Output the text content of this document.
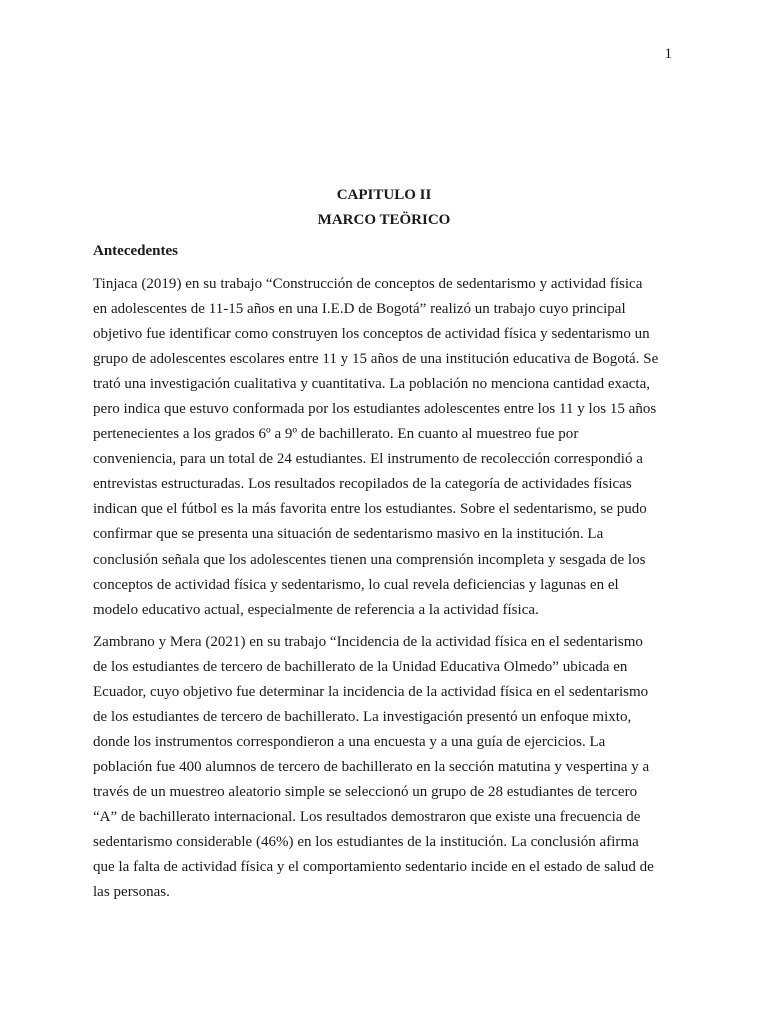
1
CAPITULO II
MARCO TEÖRICO
Antecedentes

Tinjaca (2019) en su trabajo “Construcción de conceptos de sedentarismo y actividad física
en adolescentes de 11-15 años en una I.E.D de Bogotá” realizó un trabajo cuyo principal
objetivo fue identificar como construyen los conceptos de actividad física y sedentarismo un
grupo de adolescentes escolares entre 11 y 15 años de una institución educativa de Bogotá. Se
trató una investigación cualitativa y cuantitativa. La población no menciona cantidad exacta,
pero indica que estuvo conformada por los estudiantes adolescentes entre los 11 y los 15 años
pertenecientes a los grados 6º a 9º de bachillerato. En cuanto al muestreo fue por
conveniencia, para un total de 24 estudiantes. El instrumento de recolección correspondió a
entrevistas estructuradas. Los resultados recopilados de la categoría de actividades físicas
indican que el fútbol es la más favorita entre los estudiantes. Sobre el sedentarismo, se pudo
confirmar que se presenta una situación de sedentarismo masivo en la institución. La
conclusión señala que los adolescentes tienen una comprensión incompleta y sesgada de los
conceptos de actividad física y sedentarismo, lo cual revela deficiencias y lagunas en el
modelo educativo actual, especialmente de referencia a la actividad física.

Zambrano y Mera (2021) en su trabajo “Incidencia de la actividad física en el sedentarismo
de los estudiantes de tercero de bachillerato de la Unidad Educativa Olmedo” ubicada en
Ecuador, cuyo objetivo fue determinar la incidencia de la actividad física en el sedentarismo
de los estudiantes de tercero de bachillerato. La investigación presentó un enfoque mixto,
donde los instrumentos correspondieron a una encuesta y a una guía de ejercicios. La
población fue 400 alumnos de tercero de bachillerato en la sección matutina y vespertina y a
través de un muestreo aleatorio simple se seleccionó un grupo de 28 estudiantes de tercero
“A” de bachillerato internacional. Los resultados demostraron que existe una frecuencia de
sedentarismo considerable (46%) en los estudiantes de la institución. La conclusión afirma
que la falta de actividad física y el comportamiento sedentario incide en el estado de salud de
las personas.
